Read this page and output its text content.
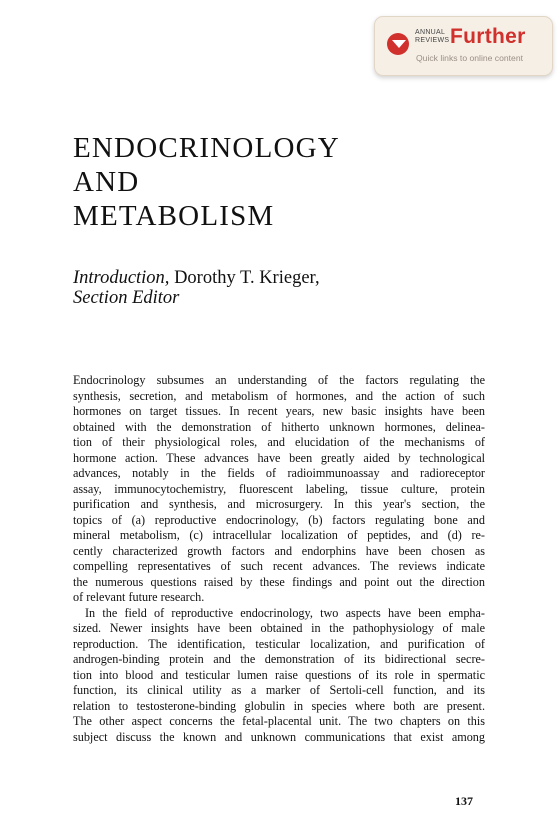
ANNUAL
REVIEWS Further
Quick links to online content
ENDOCRINOLOGY
AND
METABOLISM

Introduction, Dorothy T. Krieger,
Section Editor

Endocrinology subsumes an understanding of the factors regulating the
synthesis, secretion, and metabolism of hormones, and the action of such
hormones on target tissues. In recent years, new basic insights have been
obtained with the demonstration of hitherto unknown hormones, delinea-
tion of their physiological roles, and elucidation of the mechanisms of
hormone action. These advances have been greatly aided by technological
advances, notably in the fields of radioimmunoassay and radioreceptor
assay, immunocytochemistry, fluorescent labeling, tissue culture, protein
purification and synthesis, and microsurgery. In this year's section, the
topics of (a) reproductive endocrinology, (b) factors regulating bone and
mineral metabolism, (c) intracellular localization of peptides, and (d) re-
cently characterized growth factors and endorphins have been chosen as
compelling representatives of such recent advances. The reviews indicate
the numerous questions raised by these findings and point out the direction
of relevant future research.
In the field of reproductive endocrinology, two aspects have been empha-
sized. Newer insights have been obtained in the pathophysiology of male
reproduction. The identification, testicular localization, and purification of
androgen-binding protein and the demonstration of its bidirectional secre-
tion into blood and testicular lumen raise questions of its role in spermatic
function, its clinical utility as a marker of Sertoli-cell function, and its
relation to testosterone-binding globulin in species where both are present.
The other aspect concerns the fetal-placental unit. The two chapters on this
subject discuss the known and unknown communications that exist among
137
